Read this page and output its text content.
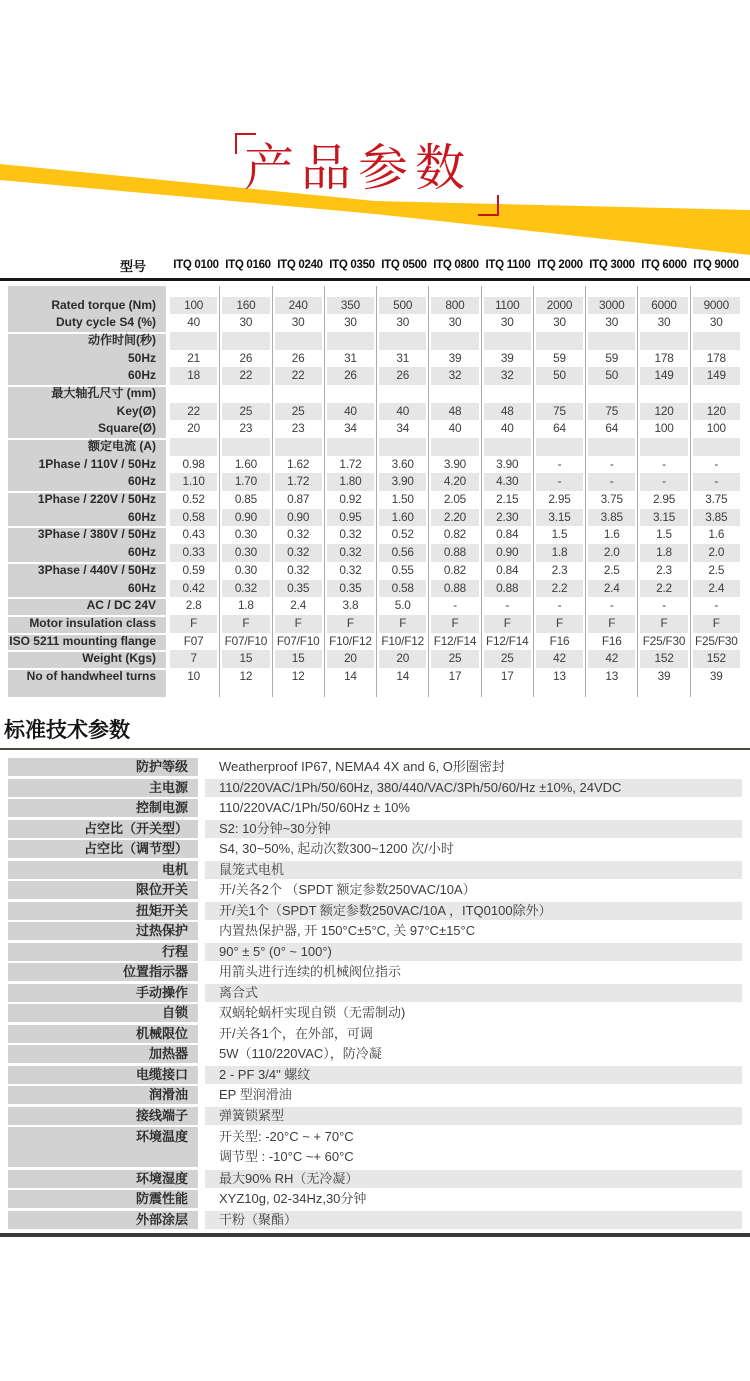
产品参数
型号	ITQ 0100 ITQ 0160 ITQ 0240 ITQ 0350 ITQ 0500 ITQ 0800 ITQ 1100 ITQ 2000 ITQ 3000 ITQ 6000 ITQ 9000
Rated torque (Nm)	100	160	240	350	500	800	1100	2000	3000	6000	9000
Duty cycle S4 (%)	40	30	30	30	30	30	30	30	30	30	30
动作时间(秒)
50Hz	21	26	26	31	31	39	39	59	59	178	178
60Hz	18	22	22	26	26	32	32	50	50	149	149
最大轴孔尺寸 (mm)
Key(Ø)	22	25	25	40	40	48	48	75	75	120	120
Square(Ø)	20	23	23	34	34	40	40	64	64	100	100
额定电流 (A)
1Phase / 110V / 50Hz	0.98	1.60	1.62	1.72	3.60	3.90	3.90	-	-	-	-
60Hz	1.10	1.70	1.72	1.80	3.90	4.20	4.30	-	-	-	-
1Phase / 220V / 50Hz	0.52	0.85	0.87	0.92	1.50	2.05	2.15	2.95	3.75	2.95	3.75
60Hz	0.58	0.90	0.90	0.95	1.60	2.20	2.30	3.15	3.85	3.15	3.85
3Phase / 380V / 50Hz	0.43	0.30	0.32	0.32	0.52	0.82	0.84	1.5	1.6	1.5	1.6
60Hz	0.33	0.30	0.32	0.32	0.56	0.88	0.90	1.8	2.0	1.8	2.0
3Phase / 440V / 50Hz	0.59	0.30	0.32	0.32	0.55	0.82	0.84	2.3	2.5	2.3	2.5
60Hz	0.42	0.32	0.35	0.35	0.58	0.88	0.88	2.2	2.4	2.2	2.4
AC / DC 24V	2.8	1.8	2.4	3.8	5.0	-	-	-	-	-	-
Motor insulation class	F	F	F	F	F	F	F	F	F	F	F
ISO 5211 mounting flange	F07	F07/F10 F07/F10 F10/F12 F10/F12 F12/F14 F12/F14	F16	F16	F25/F30 F25/F30
Weight (Kgs)	7	15	15	20	20	25	25	42	42	152	152
No of handwheel turns	10	12	12	14	14	17	17	13	13	39	39
标准技术参数
防护等级	Weatherproof IP67, NEMA4 4X and 6, O形圈密封
主电源	110/220VAC/1Ph/50/60Hz, 380/440/VAC/3Ph/50/60/Hz ±10%, 24VDC
控制电源	110/220VAC/1Ph/50/60Hz ± 10%
占空比（开关型）	S2: 10分钟~30分钟
占空比（调节型）	S4, 30~50%, 起动次数300~1200 次/小时
电机	鼠笼式电机
限位开关	开/关各2个 （SPDT 额定参数250VAC/10A）
扭矩开关	开/关1个（SPDT 额定参数250VAC/10A ，ITQ0100除外）
过热保护	内置热保护器, 开 150°C±5°C, 关 97°C±15°C
行程	90° ± 5° (0° ~ 100°)
位置指示器	用箭头进行连续的机械阀位指示
手动操作	离合式
自锁	双蜗轮蜗杆实现自锁（无需制动)
机械限位	开/关各1个，在外部，可调
加热器	5W（110/220VAC），防冷凝
电缆接口	2 - PF 3/4" 螺纹
润滑油	EP 型润滑油
接线端子	弹簧锁紧型
环境温度	开关型: -20°C ~ + 70°C
调节型 : -10°C ~+ 60°C
环境湿度	最大90% RH（无冷凝）
防震性能	XYZ10g, 02-34Hz,30分钟
外部涂层	干粉（聚酯）
